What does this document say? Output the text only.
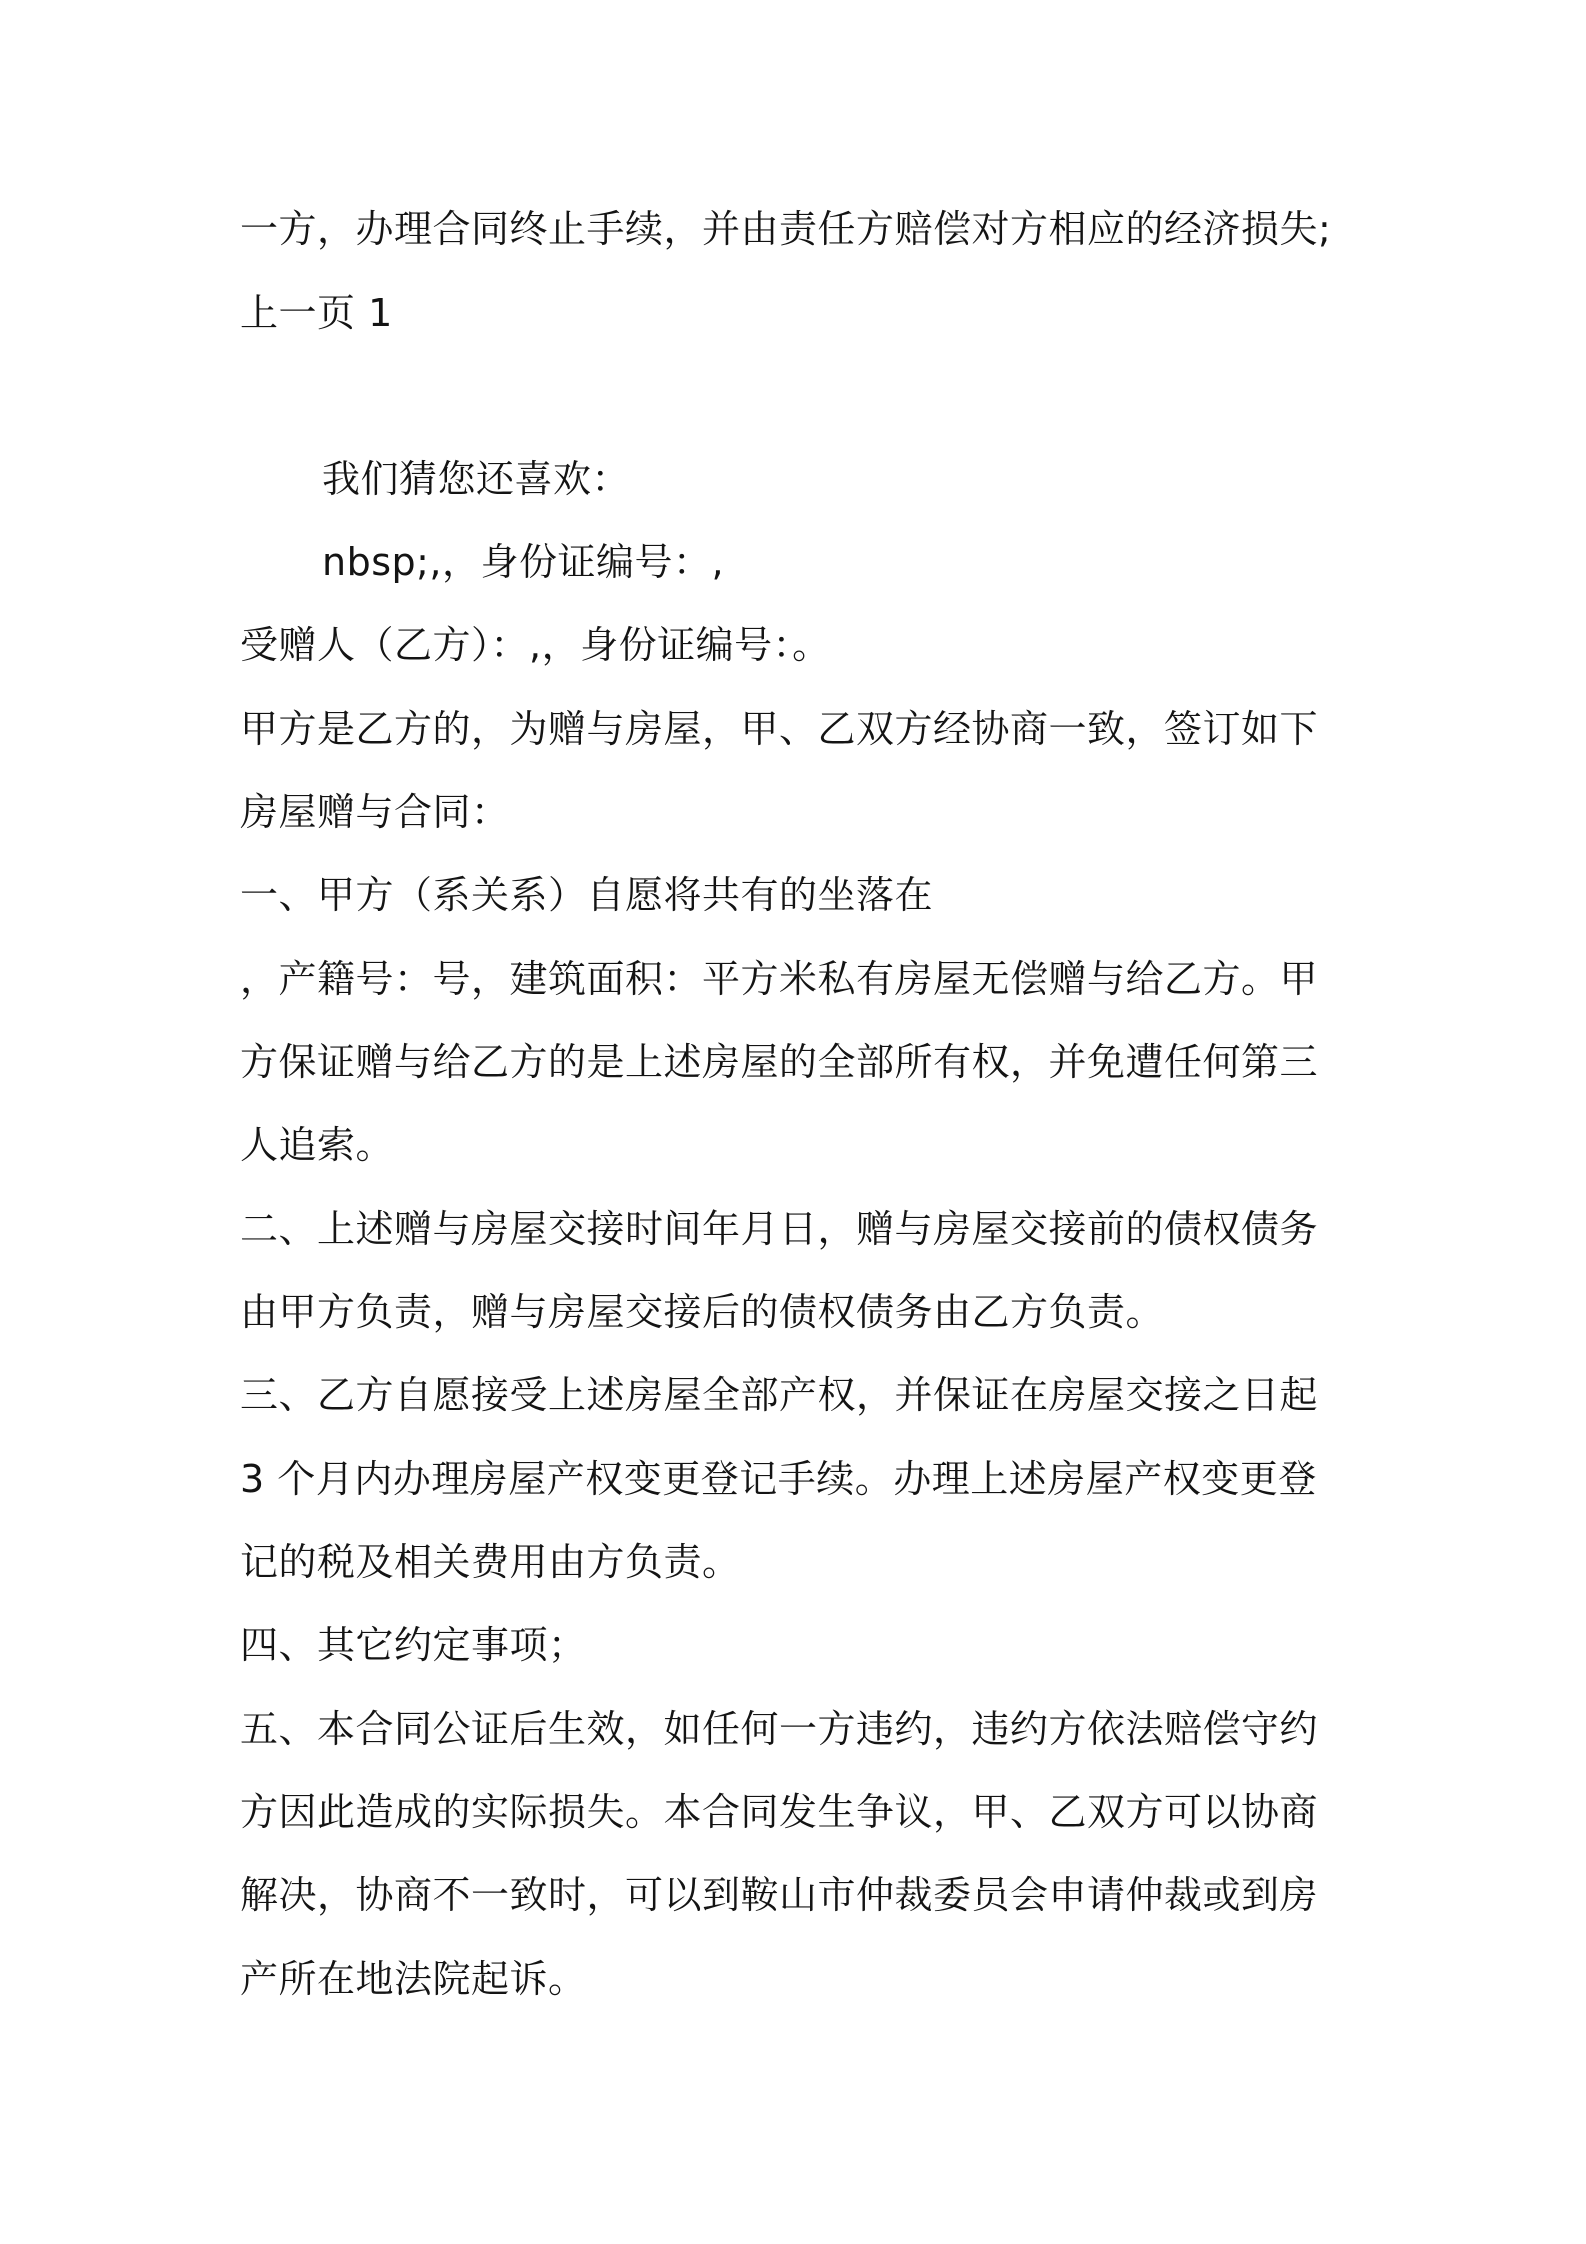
一方，办理合同终止手续，并由责任方赔偿对方相应的经济损失;
上一页 1
我们猜您还喜欢：
nbsp;,，身份证编号：,
受赠人（乙方）：,，身份证编号：。
甲方是乙方的，为赠与房屋，甲、乙双方经协商一致，签订如下
房屋赠与合同：
一、甲方（系关系）自愿将共有的坐落在
，产籍号：号，建筑面积：平方米私有房屋无偿赠与给乙方。甲
方保证赠与给乙方的是上述房屋的全部所有权，并免遭任何第三
人追索。
二、上述赠与房屋交接时间年月日，赠与房屋交接前的债权债务
由甲方负责，赠与房屋交接后的债权债务由乙方负责。
三、乙方自愿接受上述房屋全部产权，并保证在房屋交接之日起
3 个月内办理房屋产权变更登记手续。办理上述房屋产权变更登
记的税及相关费用由方负责。
四、其它约定事项；
五、本合同公证后生效，如任何一方违约，违约方依法赔偿守约
方因此造成的实际损失。本合同发生争议，甲、乙双方可以协商
解决，协商不一致时，可以到鞍山市仲裁委员会申请仲裁或到房
产所在地法院起诉。
